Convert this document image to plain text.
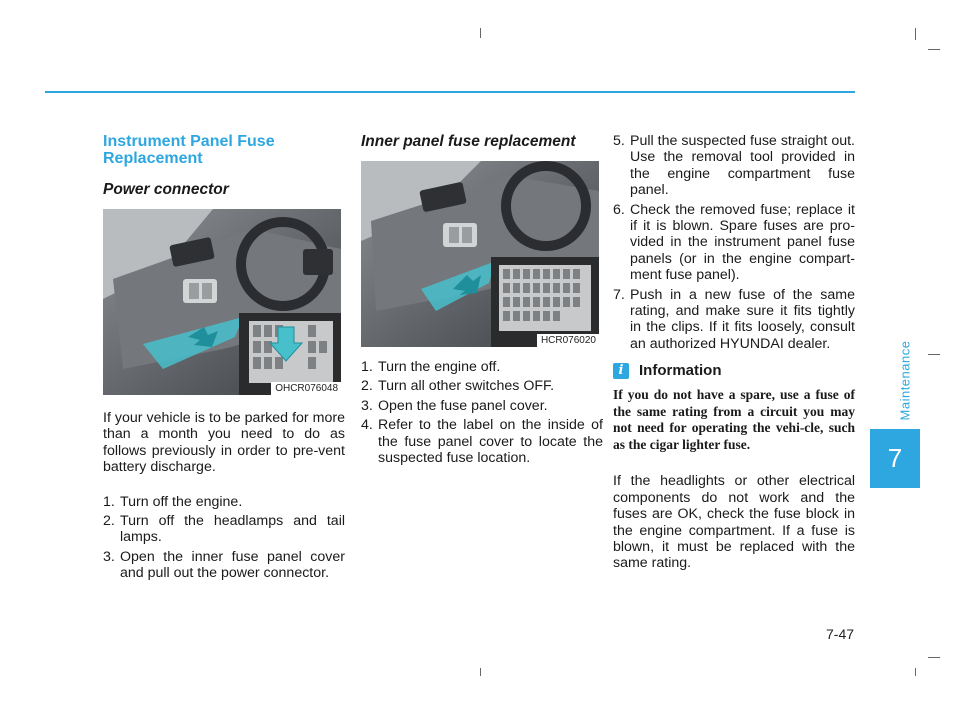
Instrument Panel Fuse Replacement
Power connector
OHCR076048

If your vehicle is to be parked for more than a month you need to do as follows previously in order to pre-vent battery discharge.

1. Turn off the engine.
2. Turn off the headlamps and tail lamps.
3. Open the inner fuse panel cover and pull out the power connector.
Inner panel fuse replacement
HCR076020
1. Turn the engine off.
2. Turn all other switches OFF.
3. Open the fuse panel cover.
4. Refer to the label on the inside of the fuse panel cover to locate the suspected fuse location.
5. Pull the suspected fuse straight out. Use the removal tool provided in the engine compartment fuse panel.
6. Check the removed fuse; replace it if it is blown. Spare fuses are pro-vided in the instrument panel fuse panels (or in the engine compart-ment fuse panel).
7. Push in a new fuse of the same rating, and make sure it fits tightly in the clips. If it fits loosely, consult an authorized HYUNDAI dealer.
i	Information

If you do not have a spare, use a fuse of the same rating from a circuit you may not need for operating the vehi-cle, such as the cigar lighter fuse.

If the headlights or other electrical components do not work and the fuses are OK, check the fuse block in the engine compartment. If a fuse is blown, it must be replaced with the same rating.

Maintenance
7
7-47
